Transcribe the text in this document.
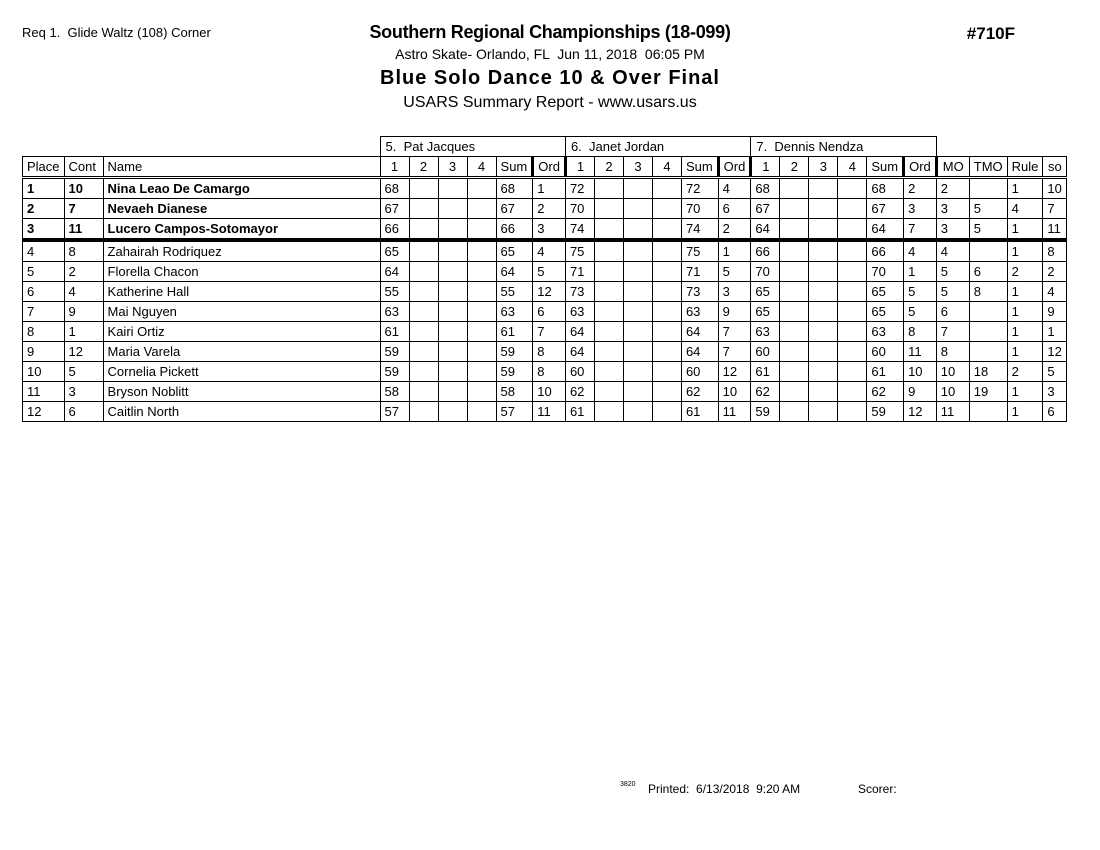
Req 1.  Glide Waltz (108) Corner	Southern Regional Championships (18-099)
Astro Skate- Orlando, FL  Jun 11, 2018  06:05 PM
Blue Solo Dance 10 & Over Final
USARS Summary Report - www.usars.us
#710F
			5.  Pat Jacques						6.  Janet Jordan						7.  Dennis Nendza									
Place	Cont	Name	1	2	3	4	Sum	Ord	1	2	3	4	Sum	Ord	1	2	3	4	Sum	Ord	MO	TMO	Rule	so
1	10	Nina Leao De Camargo	68				68	1	72				72	4	68				68	2	2		1	10
2	7	Nevaeh Dianese	67				67	2	70				70	6	67				67	3	3	5	4	7
3	11	Lucero Campos-Sotomayor	66				66	3	74				74	2	64				64	7	3	5	1	11
4	8	Zahairah Rodriquez	65				65	4	75				75	1	66				66	4	4		1	8
5	2	Florella Chacon	64				64	5	71				71	5	70				70	1	5	6	2	2
6	4	Katherine Hall	55				55	12	73				73	3	65				65	5	5	8	1	4
7	9	Mai Nguyen	63				63	6	63				63	9	65				65	5	6		1	9
8	1	Kairi Ortiz	61				61	7	64				64	7	63				63	8	7		1	1
9	12	Maria Varela	59				59	8	64				64	7	60				60	11	8		1	12
10	5	Cornelia Pickett	59				59	8	60				60	12	61				61	10	10	18	2	5
11	3	Bryson Noblitt	58				58	10	62				62	10	62				62	9	10	19	1	3
12	6	Caitlin North	57				57	11	61				61	11	59				59	12	11		1	6
3820 Printed:  6/13/2018  9:20 AM	Scorer:
